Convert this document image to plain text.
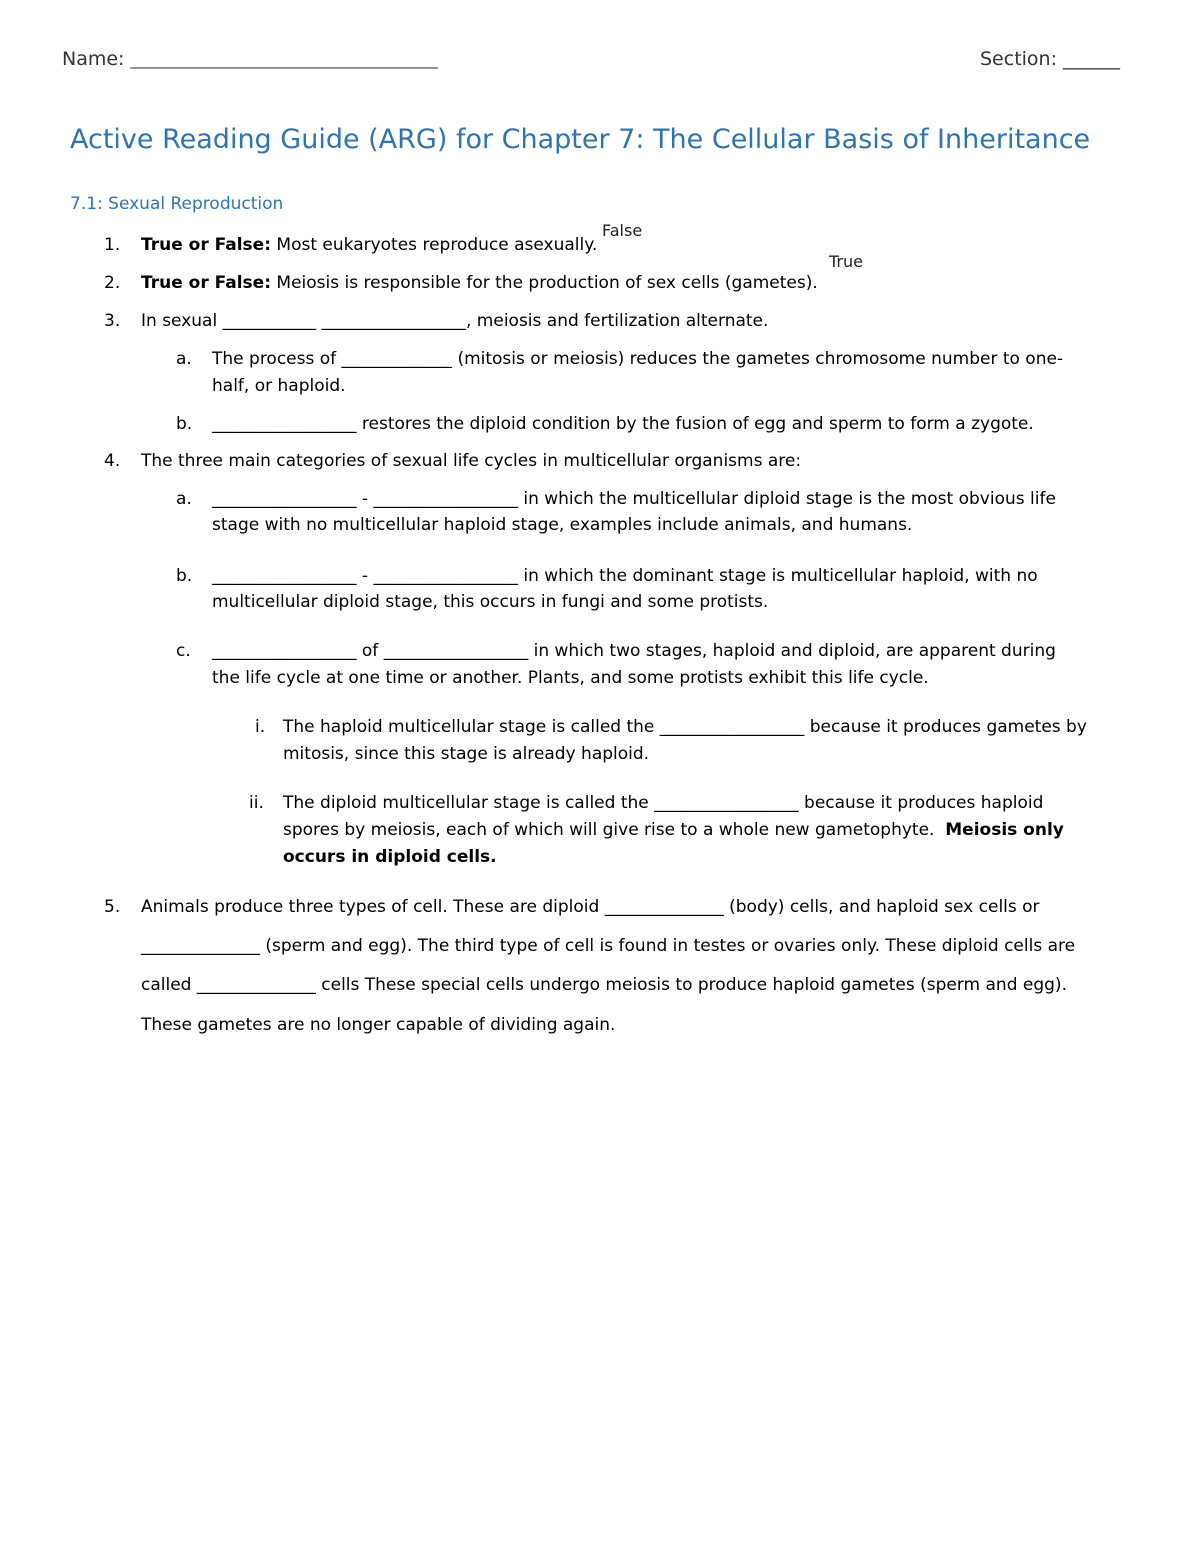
Name: _________________________________________	Section: ______
Active Reading Guide (ARG) for Chapter 7: The Cellular Basis of Inheritance
7.1: Sexual Reproduction
False
True
1. True or False: Most eukaryotes reproduce asexually.
2. True or False: Meiosis is responsible for the production of sex cells (gametes).
3. In sexual ___________ _________________, meiosis and fertilization alternate.
a. The process of _____________ (mitosis or meiosis) reduces the gametes chromosome number to one-
half, or haploid.
b. _________________ restores the diploid condition by the fusion of egg and sperm to form a zygote.
4. The three main categories of sexual life cycles in multicellular organisms are:
a. _________________ - _________________ in which the multicellular diploid stage is the most obvious life
stage with no multicellular haploid stage, examples include animals, and humans.
b. _________________ - _________________ in which the dominant stage is multicellular haploid, with no
multicellular diploid stage, this occurs in fungi and some protists.
c. _________________ of _________________ in which two stages, haploid and diploid, are apparent during
the life cycle at one time or another. Plants, and some protists exhibit this life cycle.
i. The haploid multicellular stage is called the _________________ because it produces gametes by
mitosis, since this stage is already haploid.
ii. The diploid multicellular stage is called the _________________ because it produces haploid
spores by meiosis, each of which will give rise to a whole new gametophyte. Meiosis only
occurs in diploid cells.
5. Animals produce three types of cell. These are diploid ______________ (body) cells, and haploid sex cells or
______________ (sperm and egg). The third type of cell is found in testes or ovaries only. These diploid cells are
called ______________ cells These special cells undergo meiosis to produce haploid gametes (sperm and egg).
These gametes are no longer capable of dividing again.
